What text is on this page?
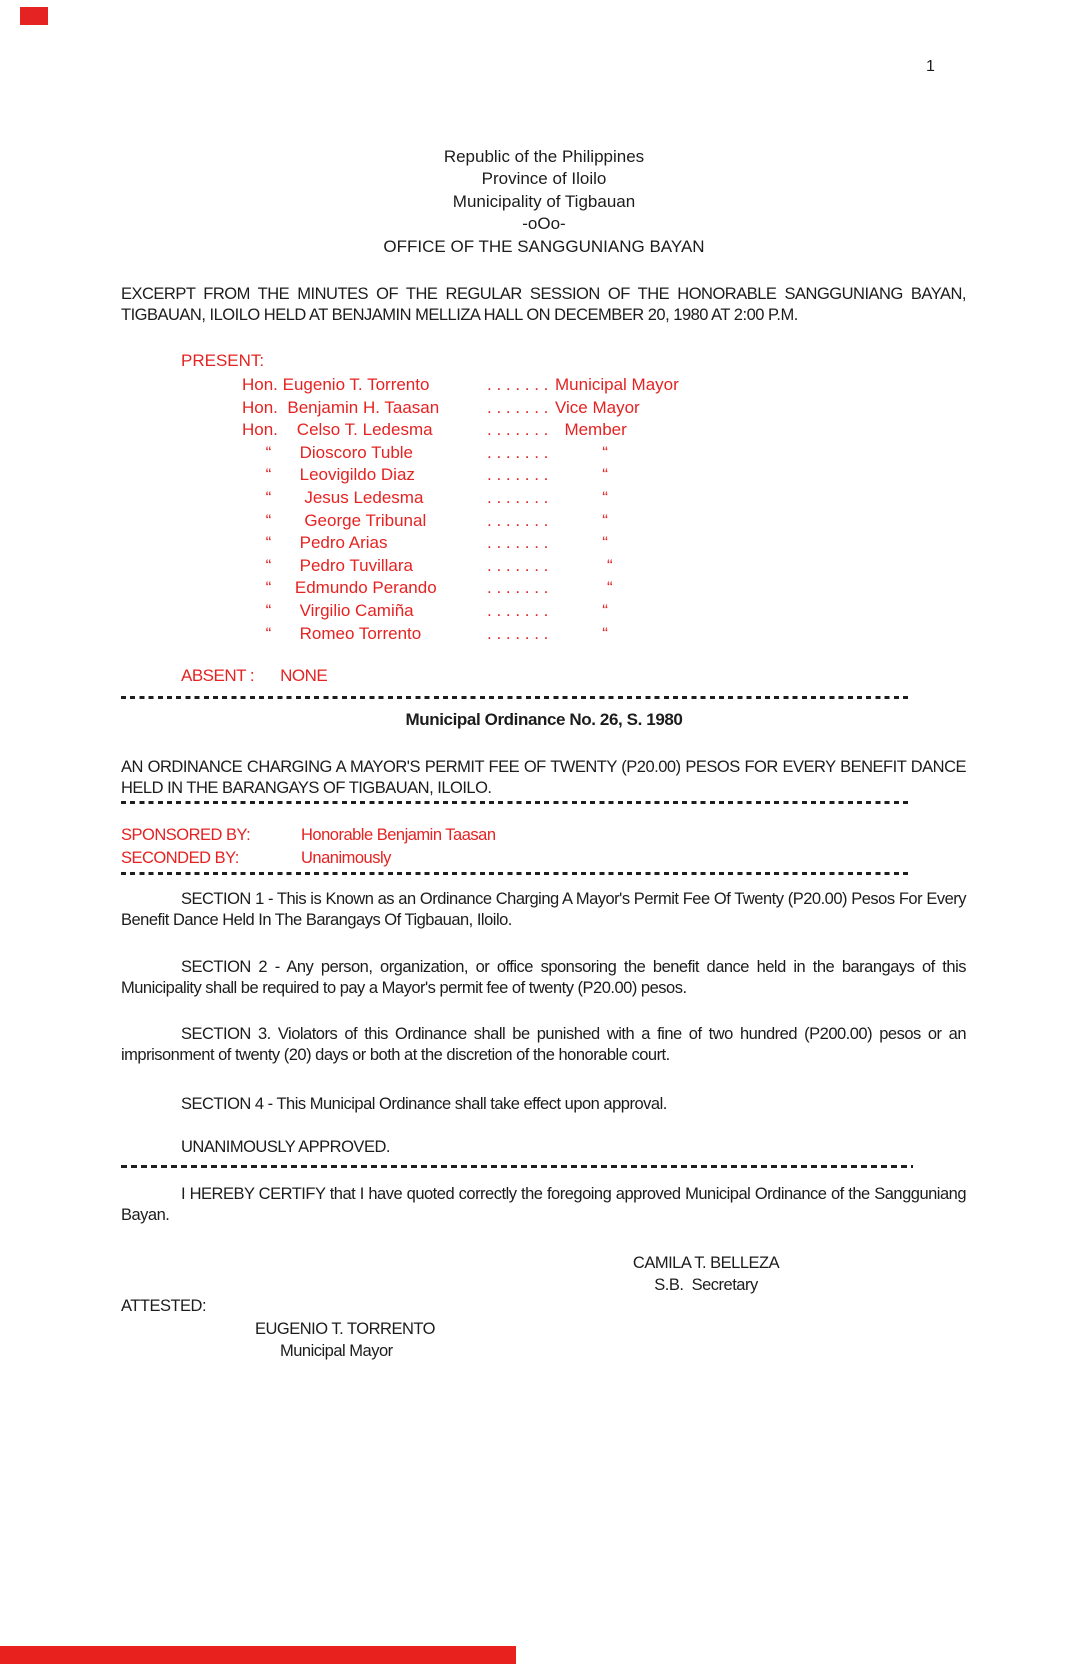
1
Republic of the Philippines
Province of Iloilo
Municipality of Tigbauan
-oOo-
OFFICE OF THE SANGGUNIANG BAYAN
EXCERPT FROM THE MINUTES OF THE REGULAR SESSION OF THE HONORABLE SANGGUNIANG BAYAN, TIGBAUAN, ILOILO HELD AT BENJAMIN MELLIZA HALL ON DECEMBER 20, 1980 AT 2:00 P.M.
PRESENT:
Hon. Eugenio T. Torrento	. . . . . . . Municipal Mayor
Hon.  Benjamin H. Taasan	. . . . . . . Vice Mayor
Hon.    Celso T. Ledesma	. . . . . . . Member
“      Dioscoro Tuble	. . . . . . . “
“      Leovigildo Diaz	. . . . . . . “
“       Jesus Ledesma	. . . . . . . “
“       George Tribunal	. . . . . . . “
“      Pedro Arias	. . . . . . . “
“      Pedro Tuvillara	. . . . . . . “
“     Edmundo Perando	. . . . . . . “
“      Virgilio Camiña	. . . . . . . “
“      Romeo Torrento	. . . . . . . “
ABSENT : NONE
Municipal Ordinance No. 26, S. 1980
AN ORDINANCE CHARGING A MAYOR'S PERMIT FEE OF TWENTY (P20.00) PESOS FOR EVERY BENEFIT DANCE HELD IN THE BARANGAYS OF TIGBAUAN, ILOILO.
SPONSORED BY:	Honorable Benjamin Taasan
SECONDED BY:	Unanimously
SECTION 1 - This is Known as an Ordinance Charging A Mayor's Permit Fee Of Twenty (P20.00) Pesos For Every Benefit Dance Held In The Barangays Of Tigbauan, Iloilo.
SECTION 2 - Any person, organization, or office sponsoring the benefit dance held in the barangays of this Municipality shall be required to pay a Mayor's permit fee of twenty (P20.00) pesos.
SECTION 3. Violators of this Ordinance shall be punished with a fine of two hundred (P200.00) pesos or an imprisonment of twenty (20) days or both at the discretion of the honorable court.
SECTION 4 - This Municipal Ordinance shall take effect upon approval.
UNANIMOUSLY APPROVED.
I HEREBY CERTIFY that I have quoted correctly the foregoing approved Municipal Ordinance of the Sangguniang Bayan.
CAMILA T. BELLEZA
S.B.  Secretary
ATTESTED:
EUGENIO T. TORRENTO
Municipal Mayor
